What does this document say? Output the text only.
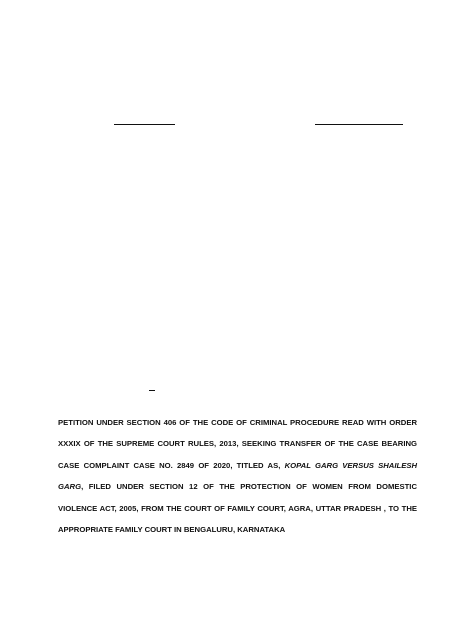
PETITION UNDER SECTION 406 OF THE CODE OF CRIMINAL PROCEDURE READ WITH ORDER XXXIX OF THE SUPREME COURT RULES, 2013, SEEKING TRANSFER OF THE CASE BEARING CASE COMPLAINT CASE NO. 2849 OF 2020, TITLED AS, KOPAL GARG VERSUS SHAILESH GARG, FILED UNDER SECTION 12 OF THE PROTECTION OF WOMEN FROM DOMESTIC VIOLENCE ACT, 2005, FROM THE COURT OF FAMILY COURT, AGRA, UTTAR PRADESH , TO THE APPROPRIATE FAMILY COURT IN BENGALURU, KARNATAKA
